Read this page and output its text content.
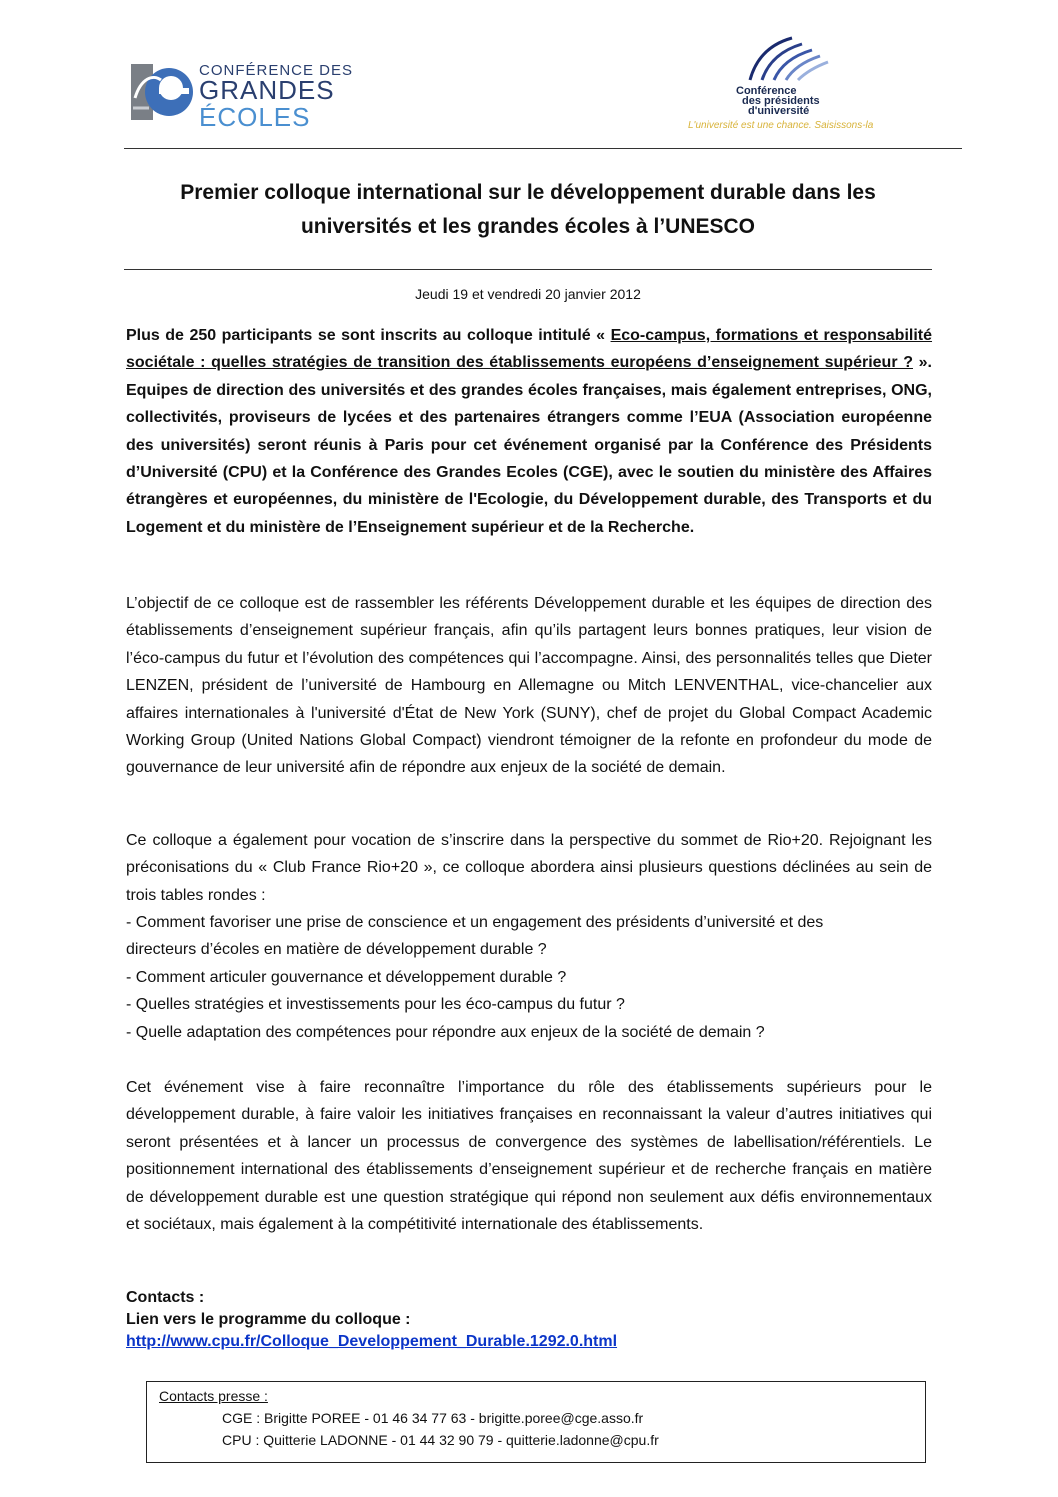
CONFÉRENCE DES
GRANDES
ÉCOLES
Conférence
des présidents
d'université
L'université est une chance. Saisissons-la
Premier colloque international sur le développement durable dans les
universités et les grandes écoles à l’UNESCO
Jeudi 19 et vendredi 20 janvier 2012
Plus de 250 participants se sont inscrits au colloque intitulé « Eco-campus, formations et responsabilité sociétale : quelles stratégies de transition des établissements européens d’enseignement supérieur ? ». Equipes de direction des universités et des grandes écoles françaises, mais également entreprises, ONG, collectivités, proviseurs de lycées et des partenaires étrangers comme l’EUA (Association européenne des universités) seront réunis à Paris pour cet événement organisé par la Conférence des Présidents d’Université (CPU) et la Conférence des Grandes Ecoles (CGE), avec le soutien du ministère des Affaires étrangères et européennes, du ministère de l'Ecologie, du Développement durable, des Transports et du Logement et du ministère de l’Enseignement supérieur et de la Recherche.
L’objectif de ce colloque est de rassembler les référents Développement durable et les équipes de direction des établissements d’enseignement supérieur français, afin qu’ils partagent leurs bonnes pratiques, leur vision de l’éco-campus du futur et l’évolution des compétences qui l’accompagne. Ainsi, des personnalités telles que Dieter LENZEN, président de l’université de Hambourg en Allemagne ou Mitch LENVENTHAL, vice-chancelier aux affaires internationales à l'université d'État de New York (SUNY), chef de projet du Global Compact Academic Working Group (United Nations Global Compact) viendront témoigner de la refonte en profondeur du mode de gouvernance de leur université afin de répondre aux enjeux de la société de demain.
Ce colloque a également pour vocation de s’inscrire dans la perspective du sommet de Rio+20. Rejoignant les préconisations du « Club France Rio+20 », ce colloque abordera ainsi plusieurs questions déclinées au sein de trois tables rondes :
- Comment favoriser une prise de conscience et un engagement des présidents d’université et des
directeurs d’écoles en matière de développement durable ?
- Comment articuler gouvernance et développement durable ?
- Quelles stratégies et investissements pour les éco-campus du futur ?
- Quelle adaptation des compétences pour répondre aux enjeux de la société de demain ?
Cet événement vise à faire reconnaître l’importance du rôle des établissements supérieurs pour le développement durable, à faire valoir les initiatives françaises en reconnaissant la valeur d’autres initiatives qui seront présentées et à lancer un processus de convergence des systèmes de labellisation/référentiels. Le positionnement international des établissements d’enseignement supérieur et de recherche français en matière de développement durable est une question stratégique qui répond non seulement aux défis environnementaux et sociétaux, mais également à la compétitivité internationale des établissements.
Contacts :
Lien vers le programme du colloque :
http://www.cpu.fr/Colloque_Developpement_Durable.1292.0.html
Contacts presse :
CGE : Brigitte POREE - 01 46 34 77 63 - brigitte.poree@cge.asso.fr
CPU : Quitterie LADONNE - 01 44 32 90 79 - quitterie.ladonne@cpu.fr
